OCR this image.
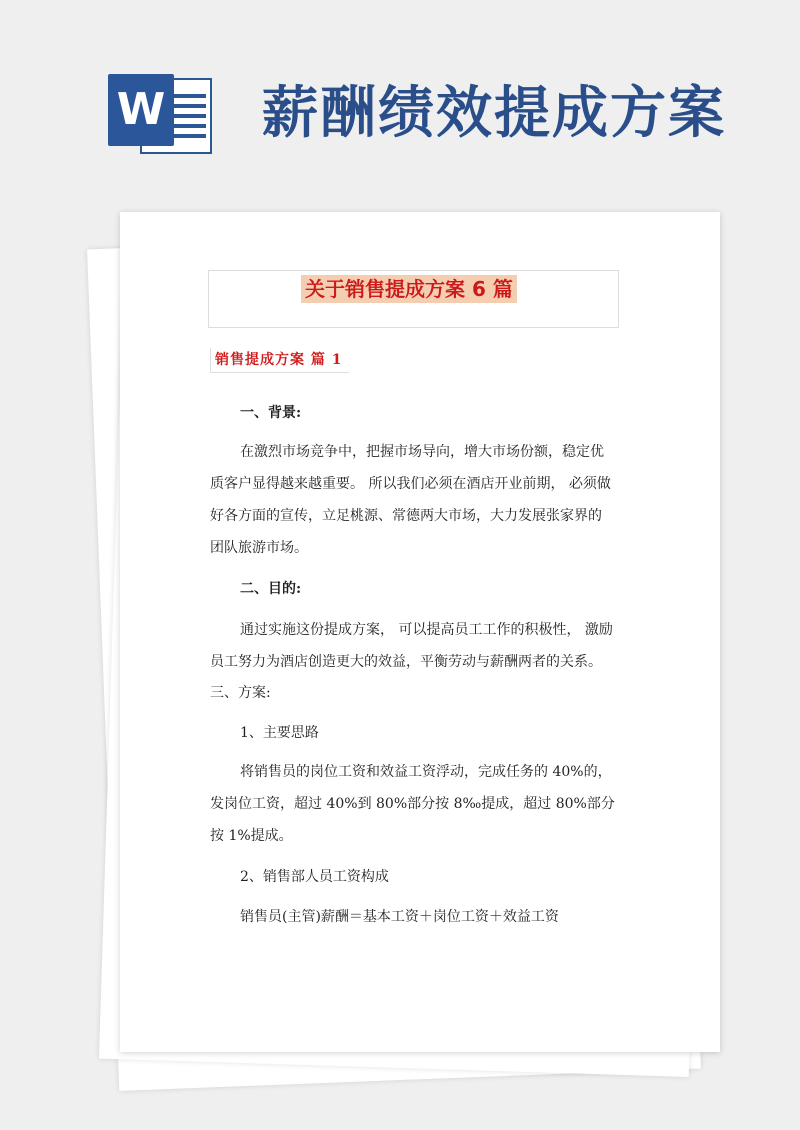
W 薪酬绩效提成方案
关于销售提成方案 6 篇
销售提成方案 篇 1
一、背景:
在激烈市场竞争中，把握市场导向，增大市场份额，稳定优
质客户显得越来越重要。 所以我们必须在酒店开业前期， 必须做
好各方面的宣传，立足桃源、常德两大市场，大力发展张家界的
团队旅游市场。
二、目的:
通过实施这份提成方案， 可以提高员工工作的积极性， 激励
员工努力为酒店创造更大的效益，平衡劳动与薪酬两者的关系。
三、方案:
1、主要思路
将销售员的岗位工资和效益工资浮动，完成任务的 40%的，
发岗位工资，超过 40%到 80%部分按 8‰提成，超过 80%部分
按 1%提成。
2、销售部人员工资构成
销售员(主管)薪酬＝基本工资＋岗位工资＋效益工资
